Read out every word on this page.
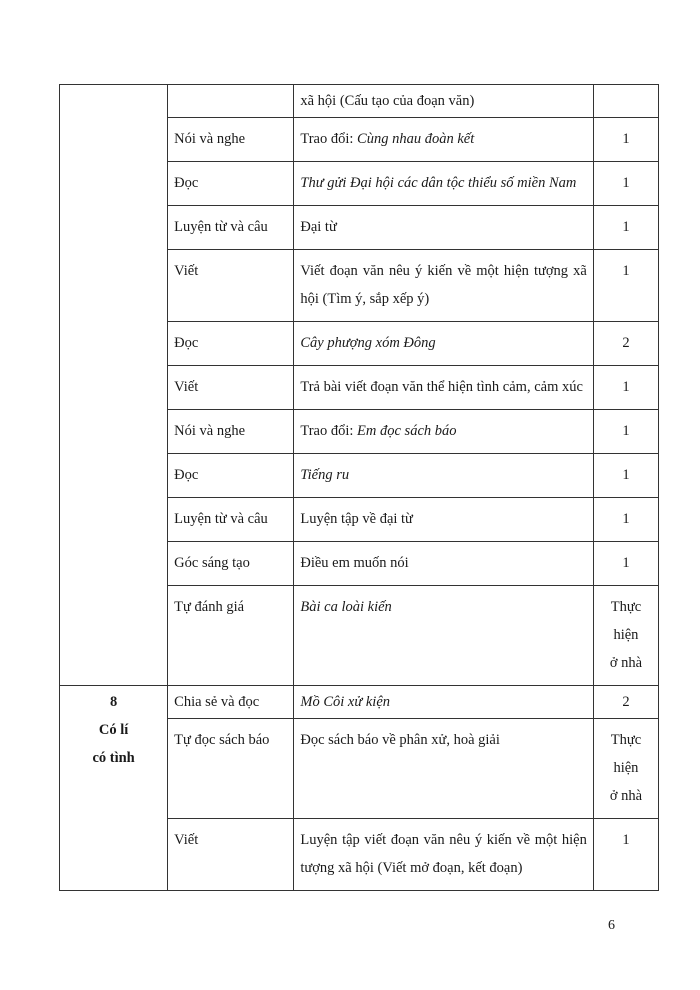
		xã hội (Cấu tạo của đoạn văn)	
	Nói và nghe	Trao đổi: Cùng nhau đoàn kết	1
	Đọc	Thư gửi Đại hội các dân tộc thiểu số miền Nam	1
	Luyện từ và câu	Đại từ	1
	Viết	Viết đoạn văn nêu ý kiến về một hiện tượng xã hội (Tìm ý, sắp xếp ý)	1
	Đọc	Cây phượng xóm Đông	2
	Viết	Trả bài viết đoạn văn thể hiện tình cảm, cảm xúc	1
	Nói và nghe	Trao đổi: Em đọc sách báo	1
	Đọc	Tiếng ru	1
	Luyện từ và câu	Luyện tập về đại từ	1
	Góc sáng tạo	Điều em muốn nói	1
	Tự đánh giá	Bài ca loài kiến	Thực
hiện
ở nhà

8
Có lí
có tình	Chia sẻ và đọc	Mồ Côi xử kiện	2
	Tự đọc sách báo	Đọc sách báo về phân xử, hoà giải	Thực
hiện
ở nhà

	Viết	Luyện tập viết đoạn văn nêu ý kiến về một hiện tượng xã hội (Viết mở đoạn, kết đoạn)	1
6
